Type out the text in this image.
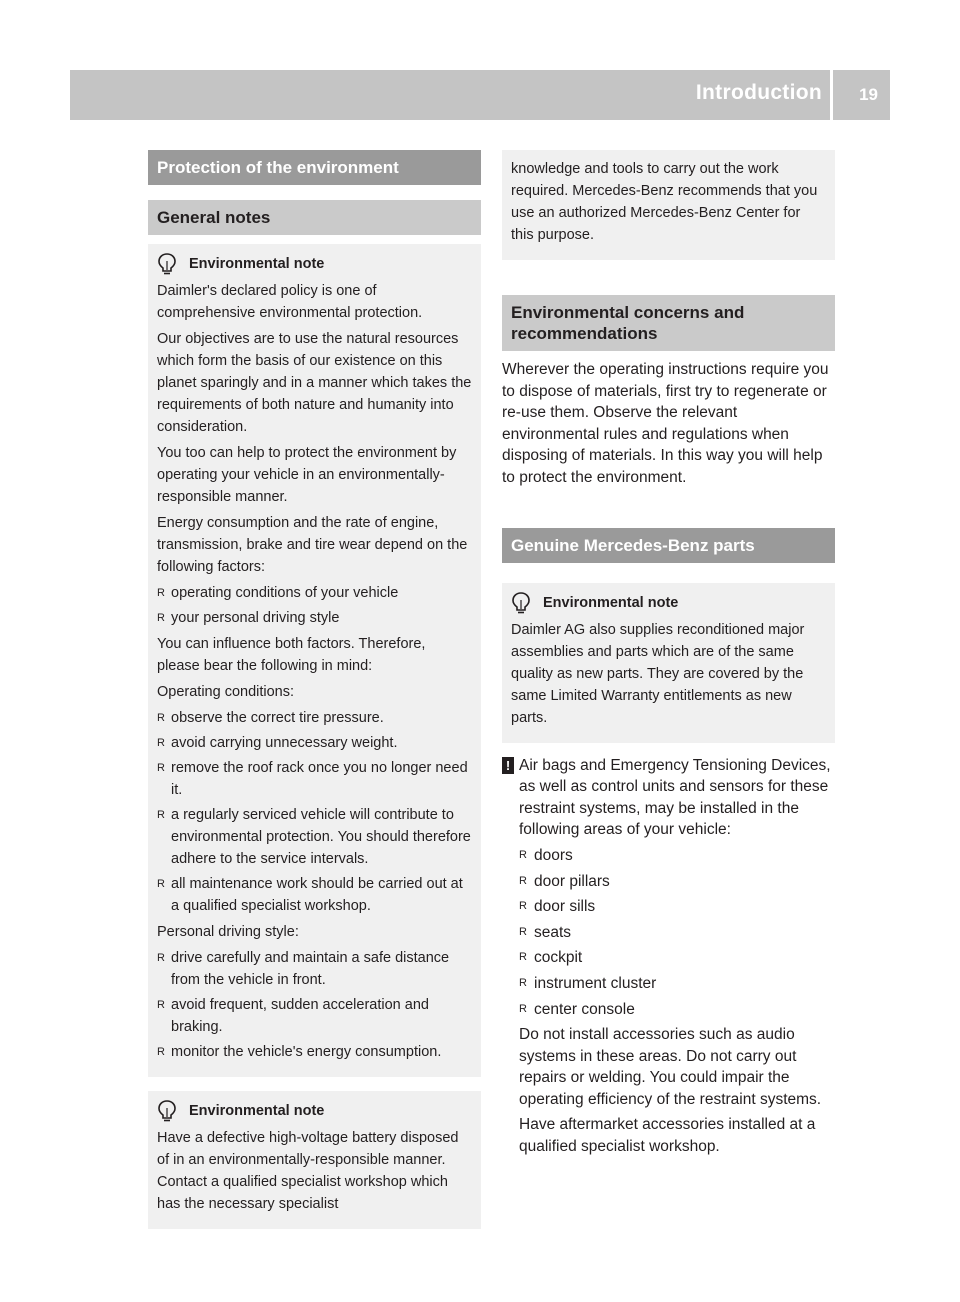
Introduction 19
Protection of the environment
General notes
Environmental note

Daimler's declared policy is one of comprehensive environmental protection.

Our objectives are to use the natural resources which form the basis of our existence on this planet sparingly and in a manner which takes the requirements of both nature and humanity into consideration.

You too can help to protect the environment by operating your vehicle in an environmentally-responsible manner.

Energy consumption and the rate of engine, transmission, brake and tire wear depend on the following factors:

R operating conditions of your vehicle
R your personal driving style

You can influence both factors. Therefore, please bear the following in mind:

Operating conditions:

R observe the correct tire pressure.
R avoid carrying unnecessary weight.
R remove the roof rack once you no longer need it.
R a regularly serviced vehicle will contribute to environmental protection. You should therefore adhere to the service intervals.
R all maintenance work should be carried out at a qualified specialist workshop.

Personal driving style:

R drive carefully and maintain a safe distance from the vehicle in front.
R avoid frequent, sudden acceleration and braking.
R monitor the vehicle's energy consumption.
Environmental note

Have a defective high-voltage battery disposed of in an environmentally-responsible manner. Contact a qualified specialist workshop which has the necessary specialist

knowledge and tools to carry out the work required. Mercedes-Benz recommends that you use an authorized Mercedes-Benz Center for this purpose.

Environmental concerns and recommendations

Wherever the operating instructions require you to dispose of materials, first try to regenerate or re-use them. Observe the relevant environmental rules and regulations when disposing of materials. In this way you will help to protect the environment.

Genuine Mercedes-Benz parts
Environmental note

Daimler AG also supplies reconditioned major assemblies and parts which are of the same quality as new parts. They are covered by the same Limited Warranty entitlements as new parts.

! Air bags and Emergency Tensioning Devices, as well as control units and sensors for these restraint systems, may be installed in the following areas of your vehicle:

R doors
R door pillars
R door sills
R seats
R cockpit
R instrument cluster
R center console

Do not install accessories such as audio systems in these areas. Do not carry out repairs or welding. You could impair the operating efficiency of the restraint systems.

Have aftermarket accessories installed at a qualified specialist workshop.
